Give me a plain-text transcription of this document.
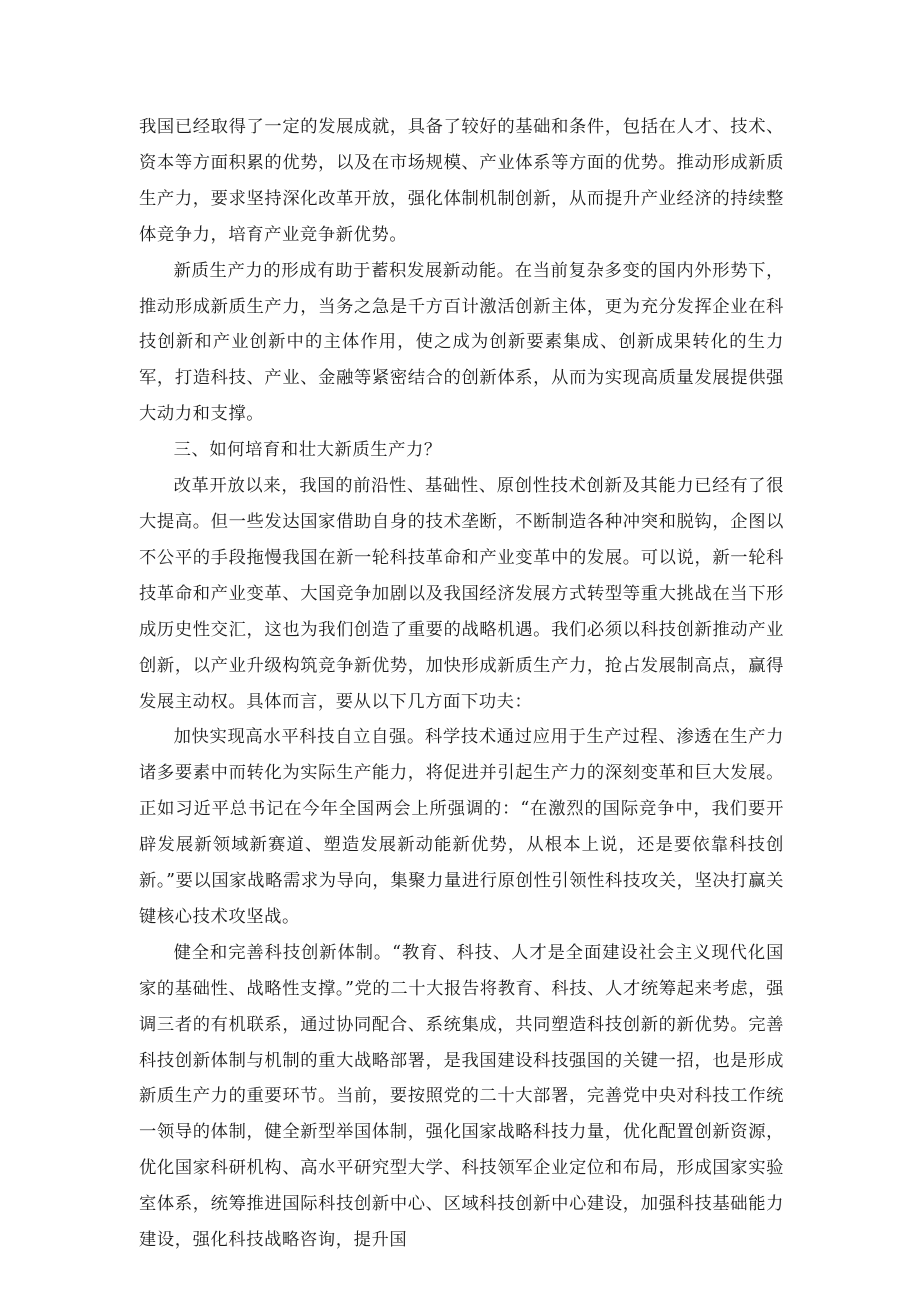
我国已经取得了一定的发展成就，具备了较好的基础和条件，包括在人才、技术、资本等方面积累的优势，以及在市场规模、产业体系等方面的优势。推动形成新质生产力，要求坚持深化改革开放，强化体制机制创新，从而提升产业经济的持续整体竞争力，培育产业竞争新优势。

新质生产力的形成有助于蓄积发展新动能。在当前复杂多变的国内外形势下，推动形成新质生产力，当务之急是千方百计激活创新主体，更为充分发挥企业在科技创新和产业创新中的主体作用，使之成为创新要素集成、创新成果转化的生力军，打造科技、产业、金融等紧密结合的创新体系，从而为实现高质量发展提供强大动力和支撑。

三、如何培育和壮大新质生产力？

改革开放以来，我国的前沿性、基础性、原创性技术创新及其能力已经有了很大提高。但一些发达国家借助自身的技术垄断，不断制造各种冲突和脱钩，企图以不公平的手段拖慢我国在新一轮科技革命和产业变革中的发展。可以说，新一轮科技革命和产业变革、大国竞争加剧以及我国经济发展方式转型等重大挑战在当下形成历史性交汇，这也为我们创造了重要的战略机遇。我们必须以科技创新推动产业创新，以产业升级构筑竞争新优势，加快形成新质生产力，抢占发展制高点，赢得发展主动权。具体而言，要从以下几方面下功夫：

加快实现高水平科技自立自强。科学技术通过应用于生产过程、渗透在生产力诸多要素中而转化为实际生产能力，将促进并引起生产力的深刻变革和巨大发展。正如习近平总书记在今年全国两会上所强调的：“在激烈的国际竞争中，我们要开辟发展新领域新赛道、塑造发展新动能新优势，从根本上说，还是要依靠科技创新。”要以国家战略需求为导向，集聚力量进行原创性引领性科技攻关，坚决打赢关键核心技术攻坚战。

健全和完善科技创新体制。“教育、科技、人才是全面建设社会主义现代化国家的基础性、战略性支撑。”党的二十大报告将教育、科技、人才统筹起来考虑，强调三者的有机联系，通过协同配合、系统集成，共同塑造科技创新的新优势。完善科技创新体制与机制的重大战略部署，是我国建设科技强国的关键一招，也是形成新质生产力的重要环节。当前，要按照党的二十大部署，完善党中央对科技工作统一领导的体制，健全新型举国体制，强化国家战略科技力量，优化配置创新资源，优化国家科研机构、高水平研究型大学、科技领军企业定位和布局，形成国家实验室体系，统筹推进国际科技创新中心、区域科技创新中心建设，加强科技基础能力建设，强化科技战略咨询，提升国
